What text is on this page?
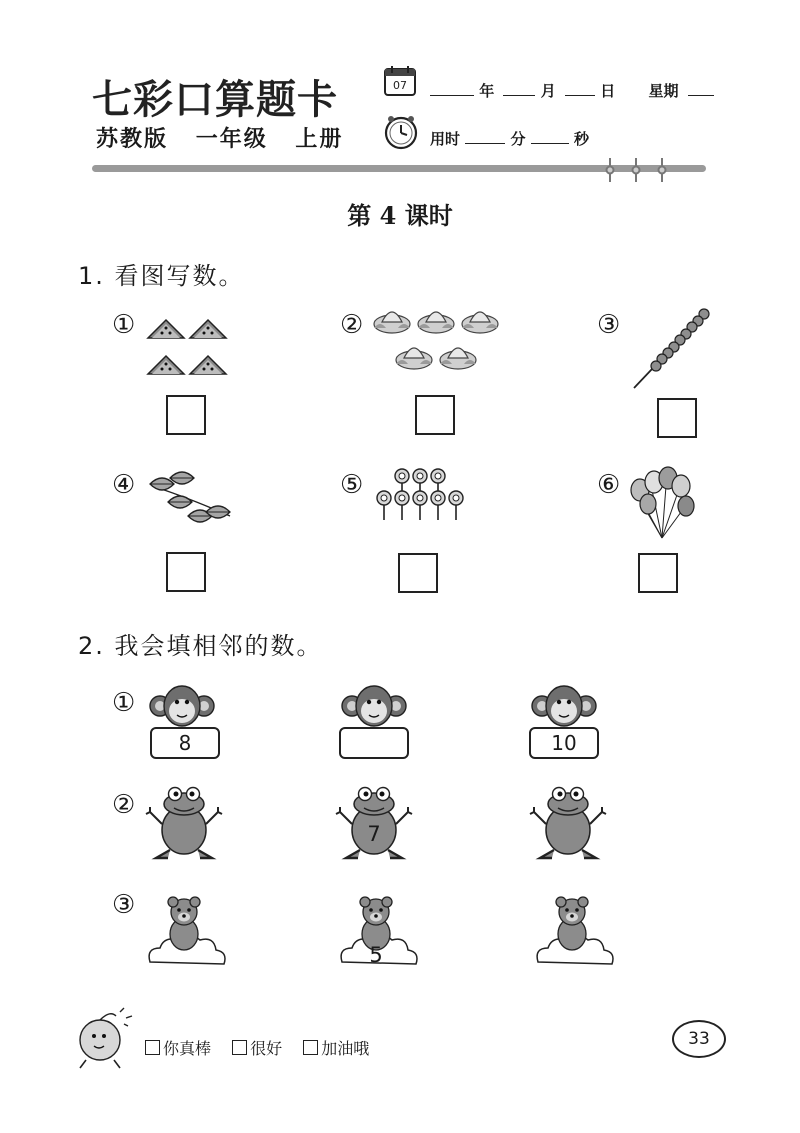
七彩口算题卡
苏教版 一年级 上册
07	年	月	日 星期
用时	分	秒
第 4 课时
1. 看图写数。
①	②	③
④	⑤	⑥
2. 我会填相邻的数。
①
8	10
②
7
③
5
你真棒 很好 加油哦	33
